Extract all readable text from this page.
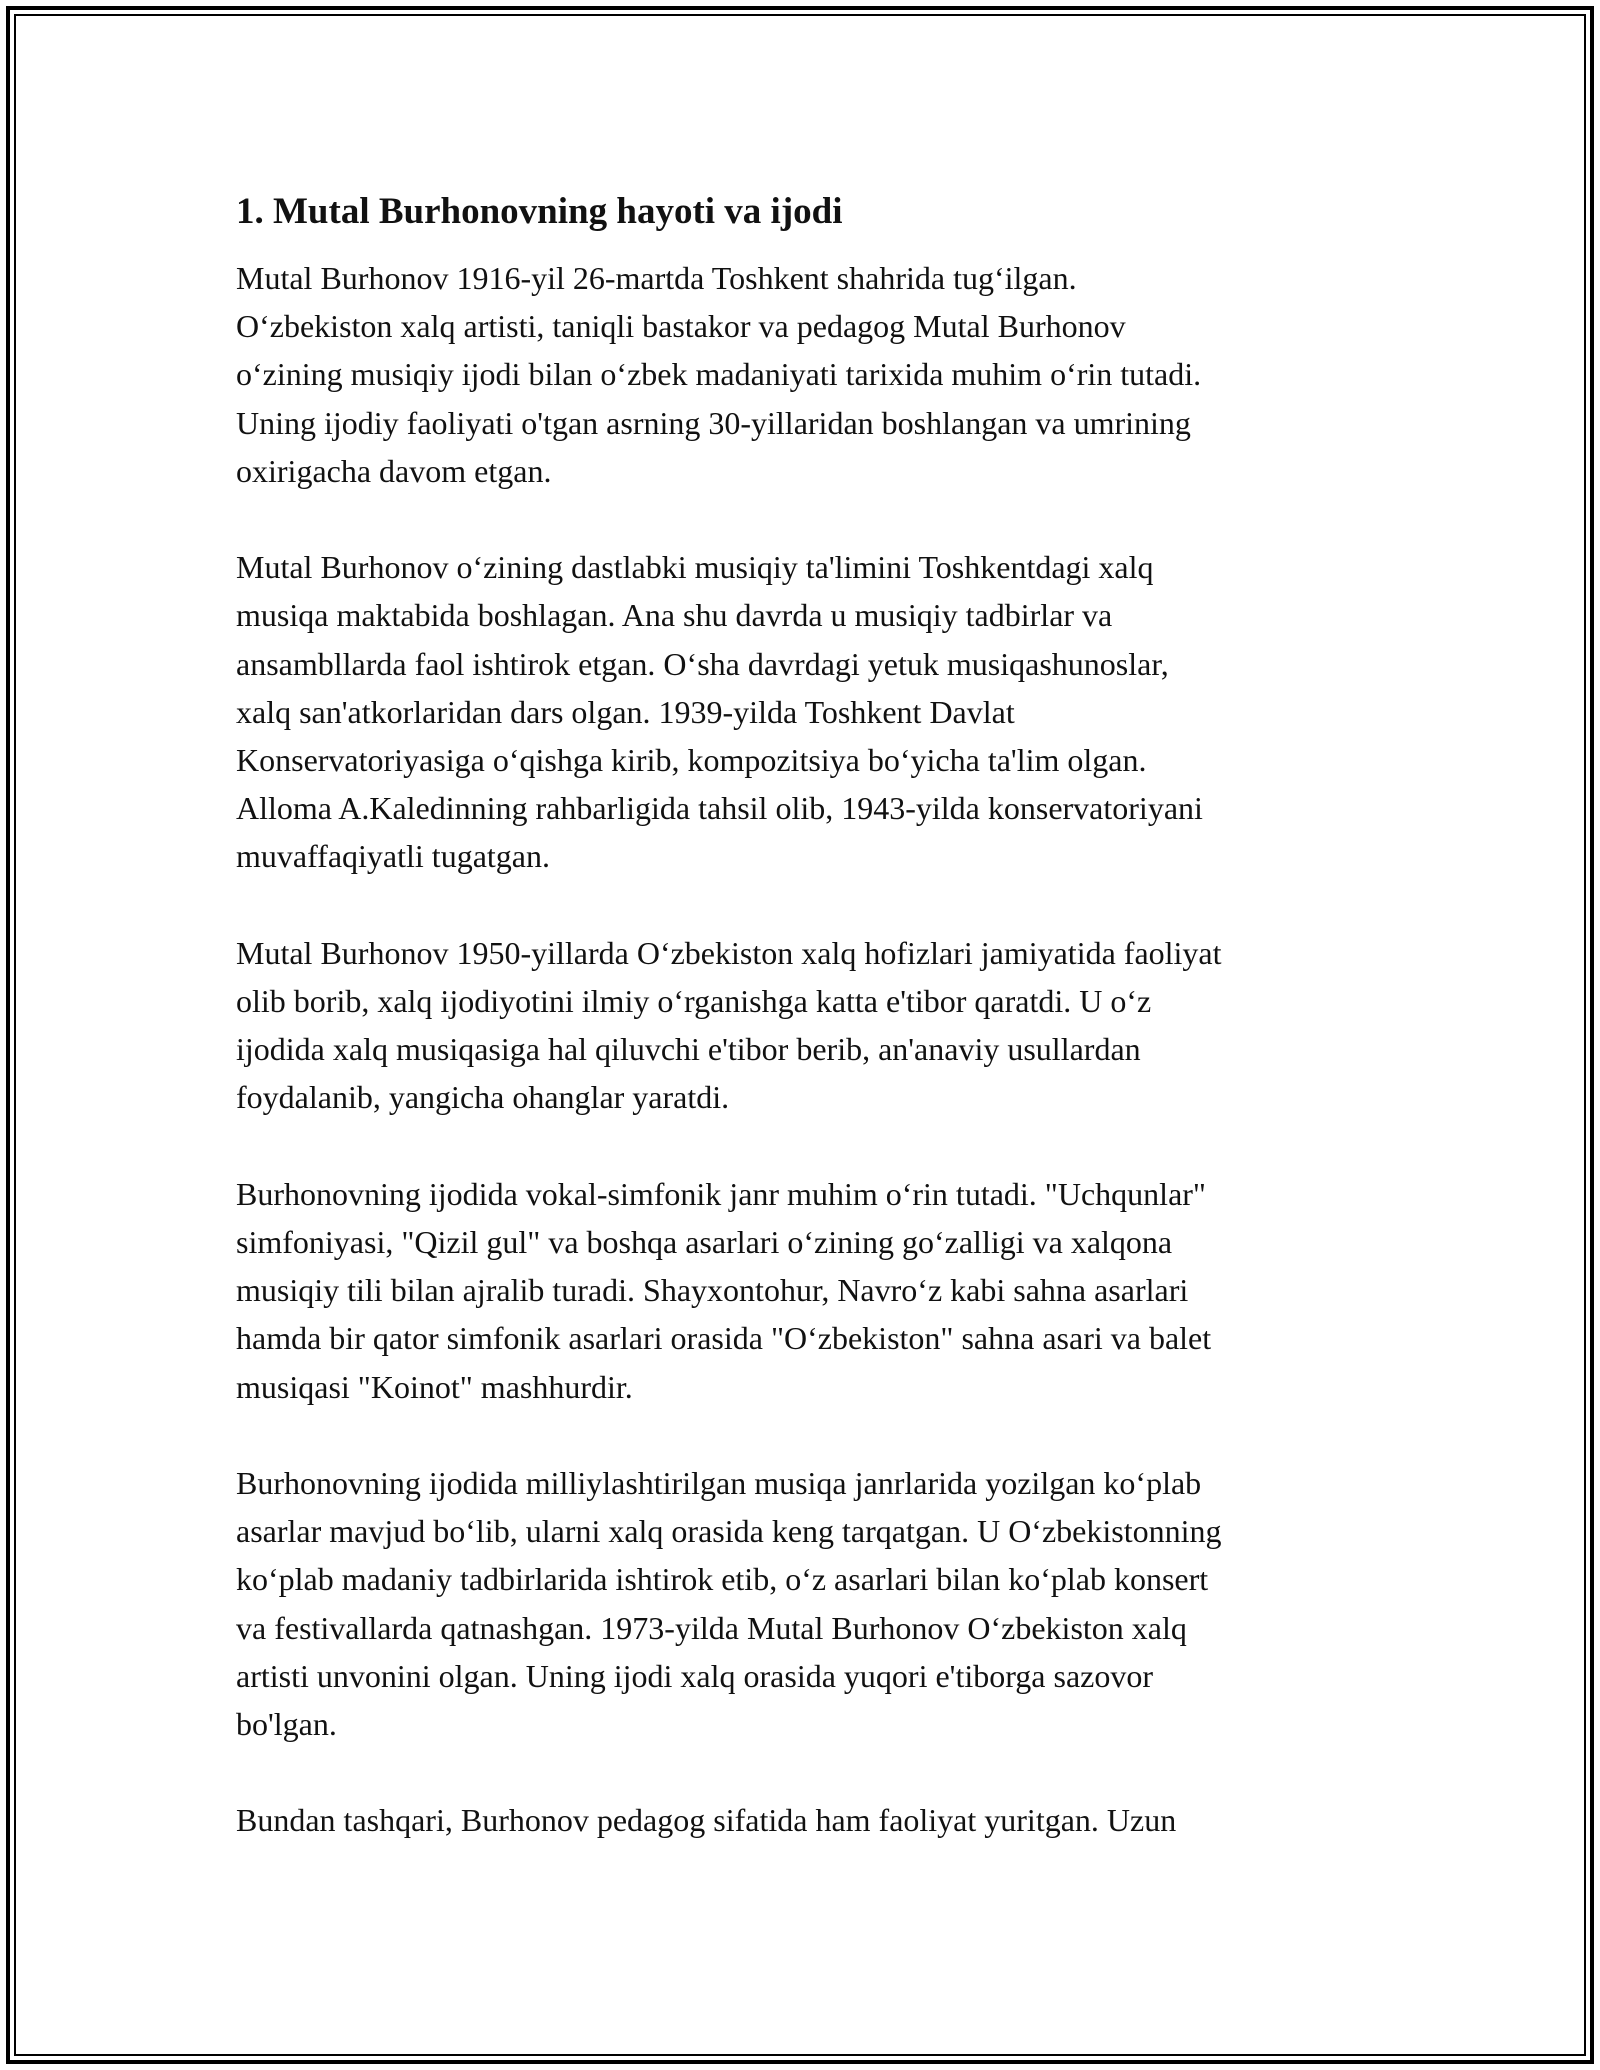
1. Mutal Burhonovning hayoti va ijodi

Mutal Burhonov 1916-yil 26-martda Toshkent shahrida tug‘ilgan.
O‘zbekiston xalq artisti, taniqli bastakor va pedagog Mutal Burhonov
o‘zining musiqiy ijodi bilan o‘zbek madaniyati tarixida muhim o‘rin tutadi.
Uning ijodiy faoliyati o'tgan asrning 30-yillaridan boshlangan va umrining
oxirigacha davom etgan.

Mutal Burhonov o‘zining dastlabki musiqiy ta'limini Toshkentdagi xalq
musiqa maktabida boshlagan. Ana shu davrda u musiqiy tadbirlar va
ansambllarda faol ishtirok etgan. O‘sha davrdagi yetuk musiqashunoslar,
xalq san'atkorlaridan dars olgan. 1939-yilda Toshkent Davlat
Konservatoriyasiga o‘qishga kirib, kompozitsiya bo‘yicha ta'lim olgan.
Alloma A.Kaledinning rahbarligida tahsil olib, 1943-yilda konservatoriyani
muvaffaqiyatli tugatgan.

Mutal Burhonov 1950-yillarda O‘zbekiston xalq hofizlari jamiyatida faoliyat
olib borib, xalq ijodiyotini ilmiy o‘rganishga katta e'tibor qaratdi. U o‘z
ijodida xalq musiqasiga hal qiluvchi e'tibor berib, an'anaviy usullardan
foydalanib, yangicha ohanglar yaratdi.

Burhonovning ijodida vokal-simfonik janr muhim o‘rin tutadi. "Uchqunlar"
simfoniyasi, "Qizil gul" va boshqa asarlari o‘zining go‘zalligi va xalqona
musiqiy tili bilan ajralib turadi. Shayxontohur, Navro‘z kabi sahna asarlari
hamda bir qator simfonik asarlari orasida "O‘zbekiston" sahna asari va balet
musiqasi "Koinot" mashhurdir.

Burhonovning ijodida milliylashtirilgan musiqa janrlarida yozilgan ko‘plab
asarlar mavjud bo‘lib, ularni xalq orasida keng tarqatgan. U O‘zbekistonning
ko‘plab madaniy tadbirlarida ishtirok etib, o‘z asarlari bilan ko‘plab konsert
va festivallarda qatnashgan. 1973-yilda Mutal Burhonov O‘zbekiston xalq
artisti unvonini olgan. Uning ijodi xalq orasida yuqori e'tiborga sazovor
bo'lgan.

Bundan tashqari, Burhonov pedagog sifatida ham faoliyat yuritgan. Uzun
